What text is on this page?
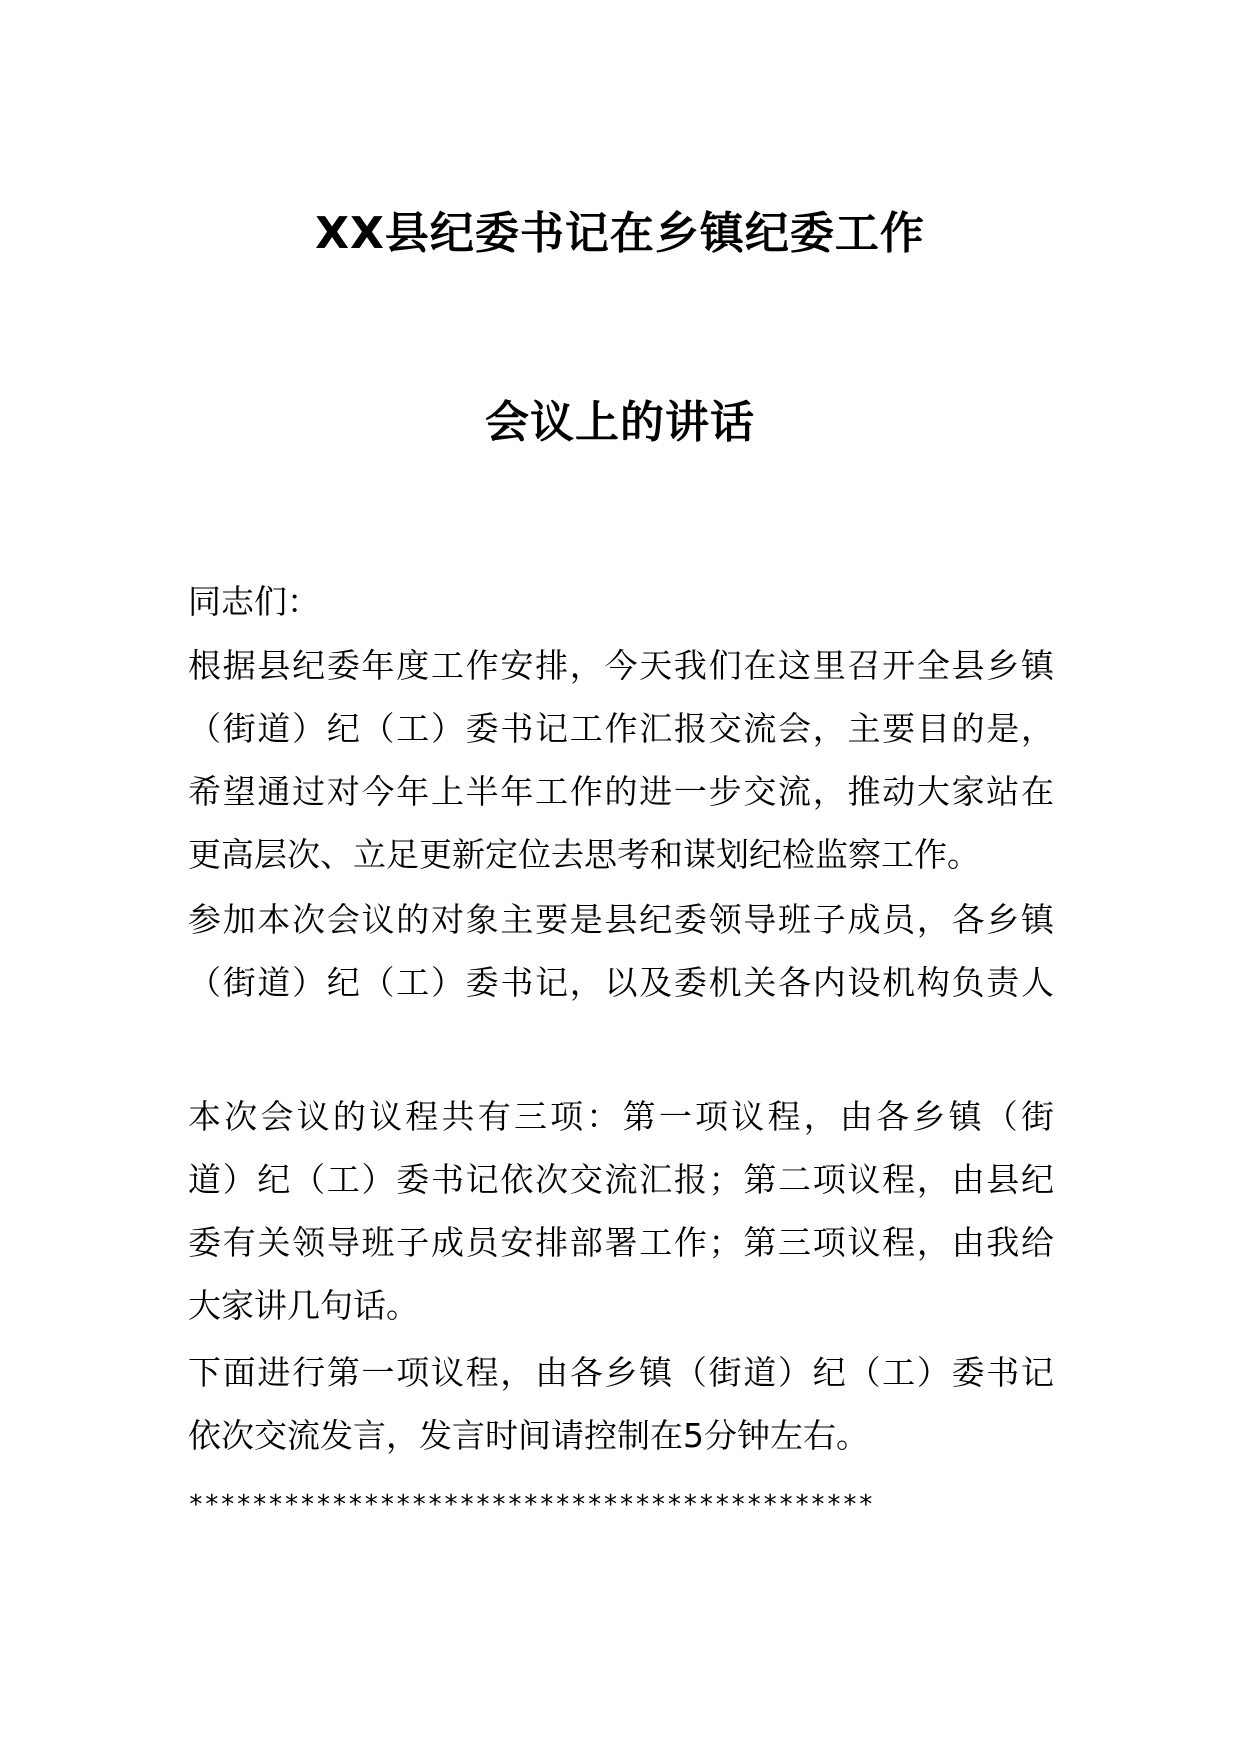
XX县纪委书记在乡镇纪委工作
会议上的讲话
同志们：
根据县纪委年度工作安排，今天我们在这里召开全县乡镇
（街道）纪（工）委书记工作汇报交流会，主要目的是，
希望通过对今年上半年工作的进一步交流，推动大家站在
更高层次、立足更新定位去思考和谋划纪检监察工作。
参加本次会议的对象主要是县纪委领导班子成员，各乡镇
（街道）纪（工）委书记，以及委机关各内设机构负责人
本次会议的议程共有三项：第一项议程，由各乡镇（街
道）纪（工）委书记依次交流汇报；第二项议程，由县纪
委有关领导班子成员安排部署工作；第三项议程，由我给
大家讲几句话。
下面进行第一项议程，由各乡镇（街道）纪（工）委书记
依次交流发言，发言时间请控制在5分钟左右。
*******************************************
